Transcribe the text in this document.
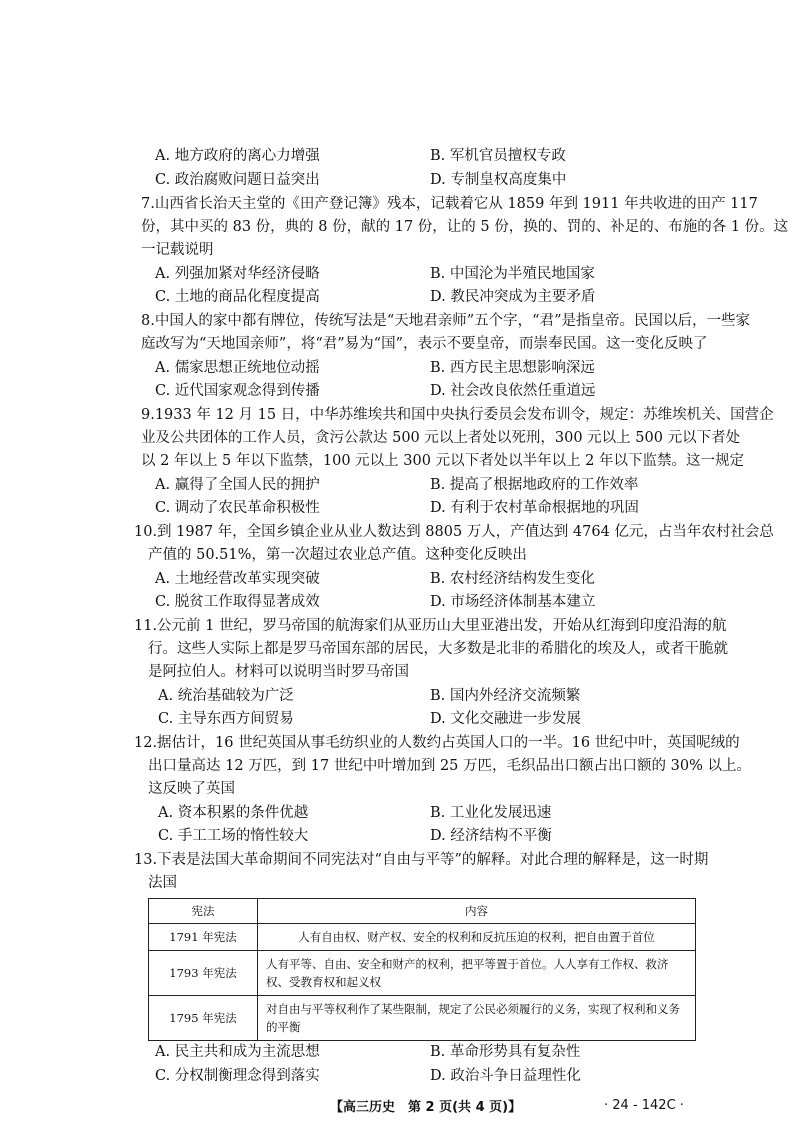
A. 地方政府的离心力增强	B. 军机官员擅权专政
C. 政治腐败问题日益突出	D. 专制皇权高度集中
7.山西省长治天主堂的《田产登记簿》残本，记载着它从 1859 年到 1911 年共收进的田产 117
份，其中买的 83 份，典的 8 份，献的 17 份，让的 5 份，换的、罚的、补足的、布施的各 1 份。这
一记载说明
A. 列强加紧对华经济侵略	B. 中国沦为半殖民地国家
C. 土地的商品化程度提高	D. 教民冲突成为主要矛盾
8.中国人的家中都有牌位，传统写法是“天地君亲师”五个字，“君”是指皇帝。民国以后，一些家
庭改写为“天地国亲师”，将“君”易为“国”，表示不要皇帝，而崇奉民国。这一变化反映了
A. 儒家思想正统地位动摇	B. 西方民主思想影响深远
C. 近代国家观念得到传播	D. 社会改良依然任重道远
9.1933 年 12 月 15 日，中华苏维埃共和国中央执行委员会发布训令，规定：苏维埃机关、国营企
业及公共团体的工作人员，贪污公款达 500 元以上者处以死刑，300 元以上 500 元以下者处
以 2 年以上 5 年以下监禁，100 元以上 300 元以下者处以半年以上 2 年以下监禁。这一规定
A. 赢得了全国人民的拥护	B. 提高了根据地政府的工作效率
C. 调动了农民革命积极性	D. 有利于农村革命根据地的巩固
10.到 1987 年，全国乡镇企业从业人数达到 8805 万人，产值达到 4764 亿元，占当年农村社会总
产值的 50.51%，第一次超过农业总产值。这种变化反映出
A. 土地经营改革实现突破	B. 农村经济结构发生变化
C. 脱贫工作取得显著成效	D. 市场经济体制基本建立
11.公元前 1 世纪，罗马帝国的航海家们从亚历山大里亚港出发，开始从红海到印度沿海的航
行。这些人实际上都是罗马帝国东部的居民，大多数是北非的希腊化的埃及人，或者干脆就
是阿拉伯人。材料可以说明当时罗马帝国
A. 统治基础较为广泛	B. 国内外经济交流频繁
C. 主导东西方间贸易	D. 文化交融进一步发展
12.据估计，16 世纪英国从事毛纺织业的人数约占英国人口的一半。16 世纪中叶，英国呢绒的
出口量高达 12 万匹，到 17 世纪中叶增加到 25 万匹，毛织品出口额占出口额的 30% 以上。
这反映了英国
A. 资本积累的条件优越	B. 工业化发展迅速
C. 手工工场的惰性较大	D. 经济结构不平衡
13.下表是法国大革命期间不同宪法对“自由与平等”的解释。对此合理的解释是，这一时期
法国
宪法	内容
1791 年宪法	人有自由权、财产权、安全的权利和反抗压迫的权利，把自由置于首位
1793 年宪法	人有平等、自由、安全和财产的权利，把平等置于首位。人人享有工作权、救济权、受教育权和起义权
1795 年宪法	对自由与平等权利作了某些限制，规定了公民必须履行的义务，实现了权利和义务的平衡
A. 民主共和成为主流思想	B. 革命形势具有复杂性
C. 分权制衡理念得到落实	D. 政治斗争日益理性化
【高三历史　第 2 页(共 4 页)】	· 24 - 142C ·
